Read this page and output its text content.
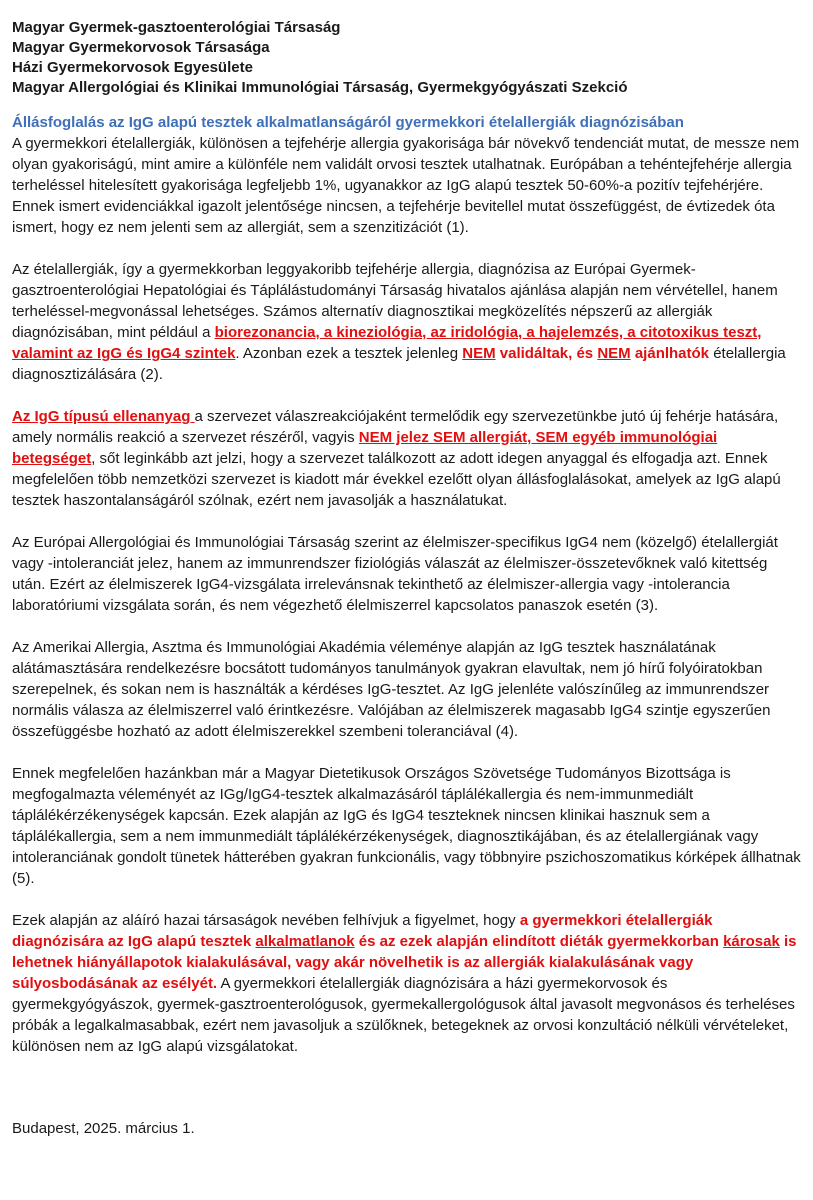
Magyar Gyermek-gasztoenterológiai Társaság
Magyar Gyermekorvosok Társasága
Házi Gyermekorvosok Egyesülete
Magyar Allergológiai és Klinikai Immunológiai Társaság, Gyermekgyógyászati Szekció
Állásfoglalás az IgG alapú tesztek alkalmatlanságáról gyermekkori ételallergiák diagnózisában

A gyermekkori ételallergiák, különösen a tejfehérje allergia gyakorisága bár növekvő tendenciát mutat, de messze nem olyan gyakoriságú, mint amire a különféle nem validált orvosi tesztek utalhatnak. Európában a tehéntejfehérje allergia terheléssel hitelesített gyakorisága legfeljebb 1%, ugyanakkor az IgG alapú tesztek 50-60%-a pozitív tejfehérjére. Ennek ismert evidenciákkal igazolt jelentősége nincsen, a tejfehérje bevitellel mutat összefüggést, de évtizedek óta ismert, hogy ez nem jelenti sem az allergiát, sem a szenzitizációt (1).

Az ételallergiák, így a gyermekkorban leggyakoribb tejfehérje allergia, diagnózisa az Európai Gyermek-gasztroenterológiai Hepatológiai és Táplálástudományi Társaság hivatalos ajánlása alapján nem vérvétellel, hanem terheléssel-megvonással lehetséges. Számos alternatív diagnosztikai megközelítés népszerű az allergiák diagnózisában, mint például a biorezonancia, a kineziológia, az iridológia, a hajelemzés, a citotoxikus teszt, valamint az IgG és IgG4 szintek. Azonban ezek a tesztek jelenleg NEM validáltak, és NEM ajánlhatók ételallergia diagnosztizálására (2).

Az IgG típusú ellenanyag a szervezet válaszreakciójaként termelődik egy szervezetünkbe jutó új fehérje hatására, amely normális reakció a szervezet részéről, vagyis NEM jelez SEM allergiát, SEM egyéb immunológiai betegséget, sőt leginkább azt jelzi, hogy a szervezet találkozott az adott idegen anyaggal és elfogadja azt. Ennek megfelelően több nemzetközi szervezet is kiadott már évekkel ezelőtt olyan állásfoglalásokat, amelyek az IgG alapú tesztek haszontalanságáról szólnak, ezért nem javasolják a használatukat.

Az Európai Allergológiai és Immunológiai Társaság szerint az élelmiszer-specifikus IgG4 nem (közelgő) ételallergiát vagy -intoleranciát jelez, hanem az immunrendszer fiziológiás válaszát az élelmiszer-összetevőknek való kitettség után. Ezért az élelmiszerek IgG4-vizsgálata irrelevánsnak tekinthető az élelmiszer-allergia vagy -intolerancia laboratóriumi vizsgálata során, és nem végezhető élelmiszerrel kapcsolatos panaszok esetén (3).

Az Amerikai Allergia, Asztma és Immunológiai Akadémia véleménye alapján az IgG tesztek használatának alátámasztására rendelkezésre bocsátott tudományos tanulmányok gyakran elavultak, nem jó hírű folyóiratokban szerepelnek, és sokan nem is használták a kérdéses IgG-tesztet. Az IgG jelenléte valószínűleg az immunrendszer normális válasza az élelmiszerrel való érintkezésre. Valójában az élelmiszerek magasabb IgG4 szintje egyszerűen összefüggésbe hozható az adott élelmiszerekkel szembeni toleranciával (4).

Ennek megfelelően hazánkban már a Magyar Dietetikusok Országos Szövetsége Tudományos Bizottsága is megfogalmazta véleményét az IGg/IgG4-tesztek alkalmazásáról táplálékallergia és nem-immunmediált táplálékérzékenységek kapcsán. Ezek alapján az IgG és IgG4 teszteknek nincsen klinikai hasznuk sem a táplálékallergia, sem a nem immunmediált táplálékérzékenységek, diagnosztikájában, és az ételallergiának vagy intoleranciának gondolt tünetek hátterében gyakran funkcionális, vagy többnyire pszichoszomatikus kórképek állhatnak (5).

Ezek alapján az aláíró hazai társaságok nevében felhívjuk a figyelmet, hogy a gyermekkori ételallergiák diagnózisára az IgG alapú tesztek alkalmatlanok és az ezek alapján elindított diéták gyermekkorban károsak is lehetnek hiányállapotok kialakulásával, vagy akár növelhetik is az allergiák kialakulásának vagy súlyosbodásának az esélyét. A gyermekkori ételallergiák diagnózisára a házi gyermekorvosok és gyermekgyógyászok, gyermek-gasztroenterológusok, gyermekallergológusok által javasolt megvonásos és terheléses próbák a legalkalmasabbak, ezért nem javasoljuk a szülőknek, betegeknek az orvosi konzultáció nélküli vérvételeket, különösen nem az IgG alapú vizsgálatokat.

Budapest, 2025. március 1.
